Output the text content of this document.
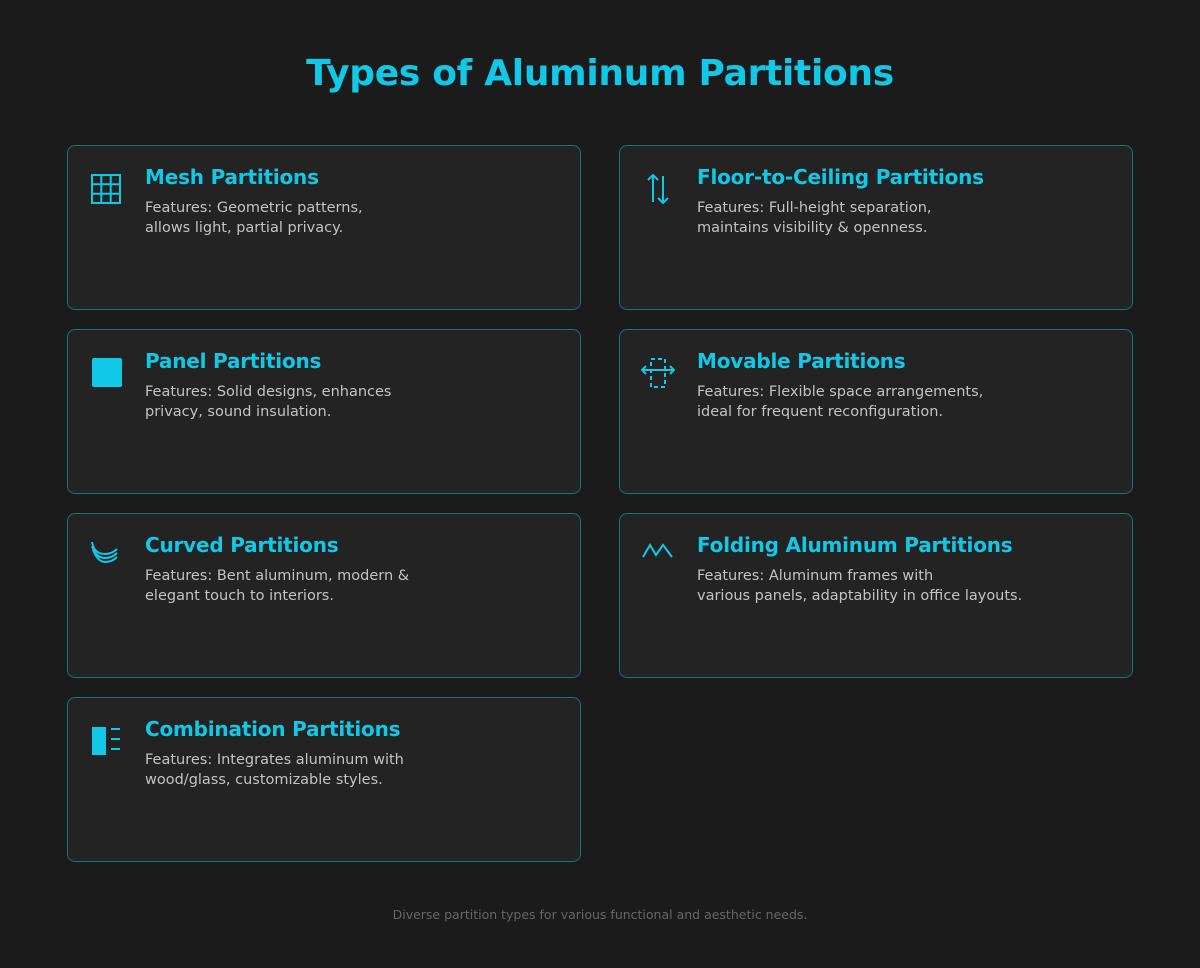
Types of Aluminum Partitions
Mesh Partitions
Features: Geometric patterns,
allows light, partial privacy.
Floor-to-Ceiling Partitions
Features: Full-height separation,
maintains visibility & openness.
Panel Partitions
Features: Solid designs, enhances
privacy, sound insulation.
Movable Partitions
Features: Flexible space arrangements,
ideal for frequent reconfiguration.
Curved Partitions
Features: Bent aluminum, modern &
elegant touch to interiors.
Folding Aluminum Partitions
Features: Aluminum frames with
various panels, adaptability in office layouts.
Combination Partitions
Features: Integrates aluminum with
wood/glass, customizable styles.
Diverse partition types for various functional and aesthetic needs.
